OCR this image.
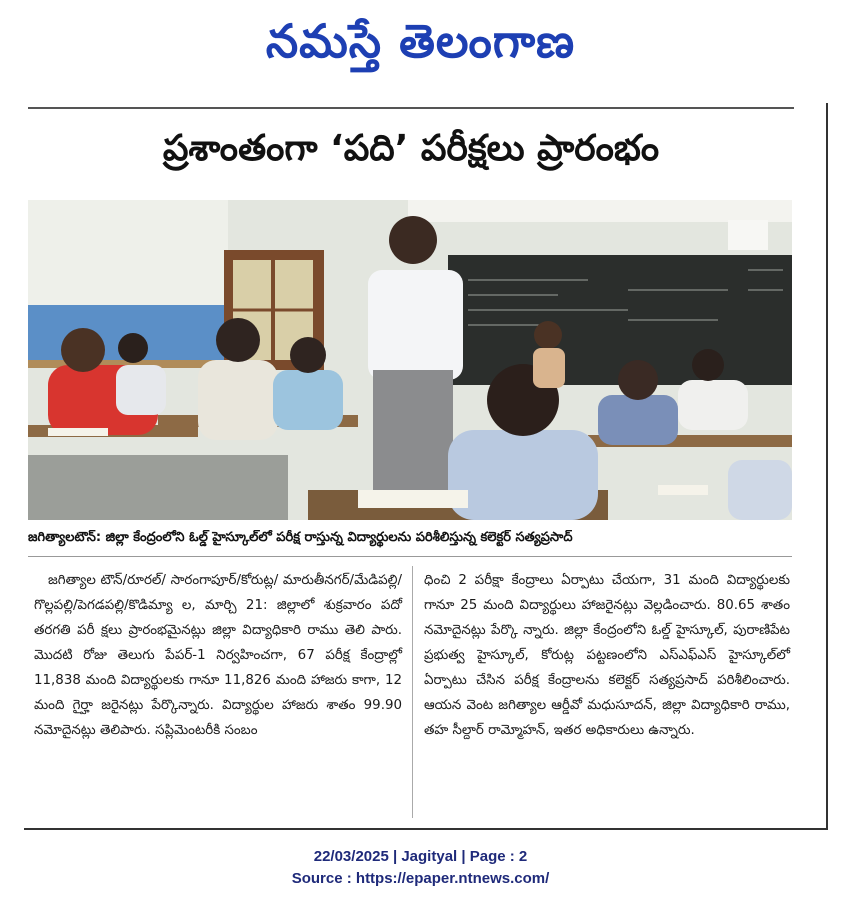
నమస్తే తెలంగాణ
ప్రశాంతంగా ‘పది’ పరీక్షలు ప్రారంభం
జగిత్యాలటౌన్: జిల్లా కేంద్రంలోని ఓల్డ్ హైస్కూల్‌లో పరీక్ష రాస్తున్న విద్యార్థులను పరిశీలిస్తున్న కలెక్టర్ సత్యప్రసాద్
జగిత్యాల టౌన్/రూరల్/ సారంగాపూర్/కోరుట్ల/ మారుతీనగర్/మేడిపల్లి/గొల్లపల్లి/పెగడపల్లి/కొడిమ్యా ల, మార్చి 21: జిల్లాలో శుక్రవారం పదో తరగతి పరీ క్షలు ప్రారంభమైనట్లు జిల్లా విద్యాధికారి రాము తెలి పారు. మొదటి రోజు తెలుగు పేపర్-1 నిర్వహించగా, 67 పరీక్ష కేంద్రాల్లో 11,838 మంది విద్యార్థులకు గానూ 11,826 మంది హాజరు కాగా, 12 మంది గైర్హా జరైనట్లు పేర్కొన్నారు. విద్యార్థుల హాజరు శాతం 99.90 నమోదైనట్లు తెలిపారు. సప్లిమెంటరీకి సంబం
ధించి 2 పరీక్షా కేంద్రాలు ఏర్పాటు చేయగా, 31 మంది విద్యార్థులకు గానూ 25 మంది విద్యార్థులు హాజరైనట్లు వెల్లడించారు. 80.65 శాతం నమోదైనట్లు పేర్కొ న్నారు. జిల్లా కేంద్రంలోని ఓల్డ్ హైస్కూల్, పురాణిపేట ప్రభుత్వ హైస్కూల్, కోరుట్ల పట్టణంలోని ఎస్‌ఎఫ్‌ఎస్ హైస్కూల్‌లో ఏర్పాటు చేసిన పరీక్ష కేంద్రాలను కలెక్టర్ సత్యప్రసాద్ పరిశీలించారు. ఆయన వెంట జగిత్యాల ఆర్డీవో మధుసూదన్, జిల్లా విద్యాధికారి రాము, తహ సీల్దార్ రామ్మోహన్, ఇతర అధికారులు ఉన్నారు.
22/03/2025 | Jagityal | Page : 2
Source : https://epaper.ntnews.com/
